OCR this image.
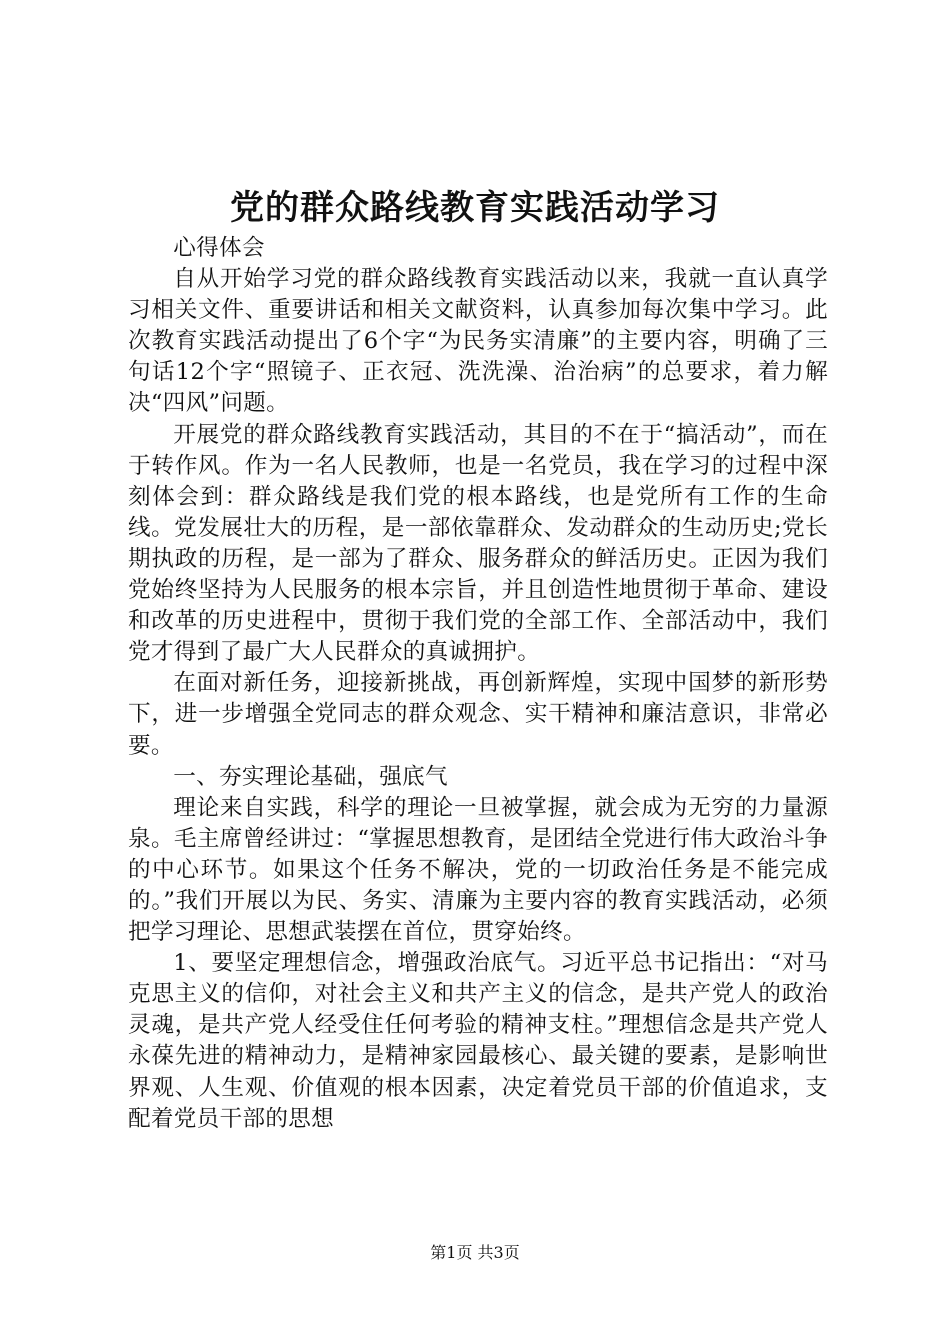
党的群众路线教育实践活动学习

心得体会

自从开始学习党的群众路线教育实践活动以来，我就一直认真学习相关文件、重要讲话和相关文献资料，认真参加每次集中学习。此次教育实践活动提出了6个字“为民务实清廉”的主要内容，明确了三句话12个字“照镜子、正衣冠、洗洗澡、治治病”的总要求，着力解决“四风”问题。

开展党的群众路线教育实践活动，其目的不在于“搞活动”，而在于转作风。作为一名人民教师，也是一名党员，我在学习的过程中深刻体会到：群众路线是我们党的根本路线，也是党所有工作的生命线。党发展壮大的历程，是一部依靠群众、发动群众的生动历史;党长期执政的历程，是一部为了群众、服务群众的鲜活历史。正因为我们党始终坚持为人民服务的根本宗旨，并且创造性地贯彻于革命、建设和改革的历史进程中，贯彻于我们党的全部工作、全部活动中，我们党才得到了最广大人民群众的真诚拥护。

在面对新任务，迎接新挑战，再创新辉煌，实现中国梦的新形势下，进一步增强全党同志的群众观念、实干精神和廉洁意识，非常必要。

一、夯实理论基础，强底气

理论来自实践，科学的理论一旦被掌握，就会成为无穷的力量源泉。毛主席曾经讲过：“掌握思想教育，是团结全党进行伟大政治斗争的中心环节。如果这个任务不解决，党的一切政治任务是不能完成的。”我们开展以为民、务实、清廉为主要内容的教育实践活动，必须把学习理论、思想武装摆在首位，贯穿始终。

1、要坚定理想信念，增强政治底气。习近平总书记指出：“对马克思主义的信仰，对社会主义和共产主义的信念，是共产党人的政治灵魂，是共产党人经受住任何考验的精神支柱。”理想信念是共产党人永葆先进的精神动力，是精神家园最核心、最关键的要素，是影响世界观、人生观、价值观的根本因素，决定着党员干部的价值追求，支配着党员干部的思想

第1页 共3页
